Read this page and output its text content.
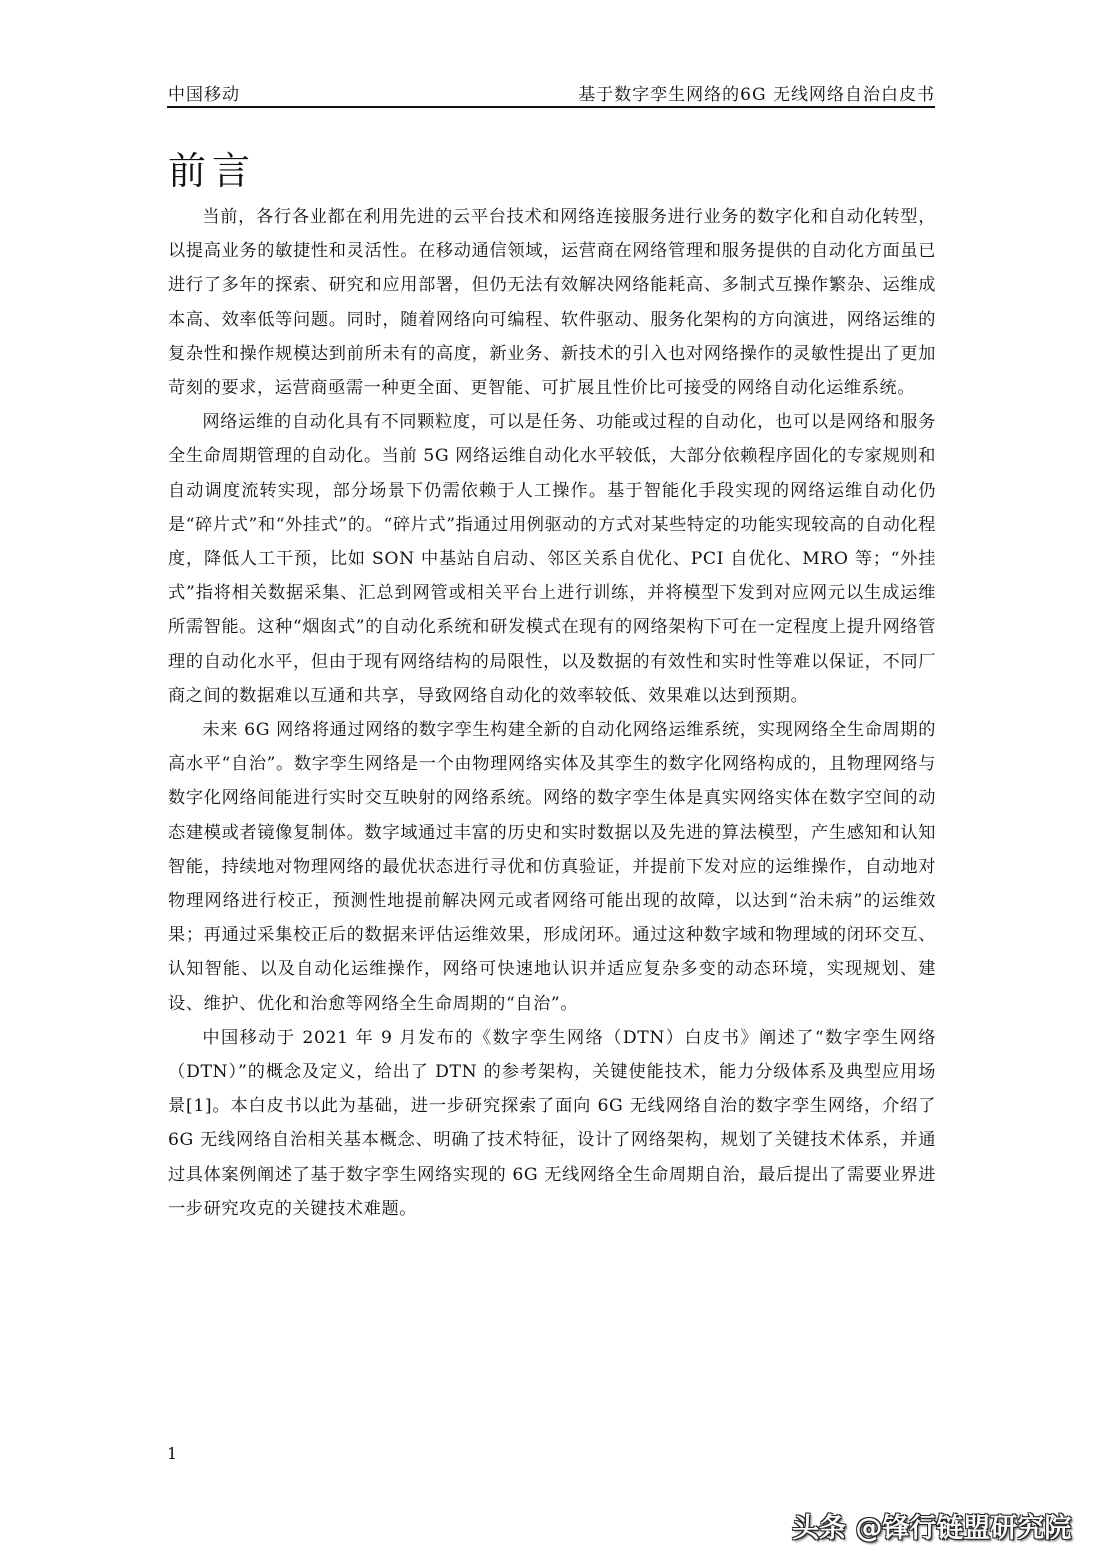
中国移动	基于数字孪生网络的6G 无线网络自治白皮书
前言

当前，各行各业都在利用先进的云平台技术和网络连接服务进行业务的数字化和自动化转型，以提高业务的敏捷性和灵活性。在移动通信领域，运营商在网络管理和服务提供的自动化方面虽已进行了多年的探索、研究和应用部署，但仍无法有效解决网络能耗高、多制式互操作繁杂、运维成本高、效率低等问题。同时，随着网络向可编程、软件驱动、服务化架构的方向演进，网络运维的复杂性和操作规模达到前所未有的高度，新业务、新技术的引入也对网络操作的灵敏性提出了更加苛刻的要求，运营商亟需一种更全面、更智能、可扩展且性价比可接受的网络自动化运维系统。

网络运维的自动化具有不同颗粒度，可以是任务、功能或过程的自动化，也可以是网络和服务全生命周期管理的自动化。当前 5G 网络运维自动化水平较低，大部分依赖程序固化的专家规则和自动调度流转实现，部分场景下仍需依赖于人工操作。基于智能化手段实现的网络运维自动化仍是“碎片式”和“外挂式”的。“碎片式”指通过用例驱动的方式对某些特定的功能实现较高的自动化程度，降低人工干预，比如 SON 中基站自启动、邻区关系自优化、PCI 自优化、MRO 等；“外挂式”指将相关数据采集、汇总到网管或相关平台上进行训练，并将模型下发到对应网元以生成运维所需智能。这种“烟囱式”的自动化系统和研发模式在现有的网络架构下可在一定程度上提升网络管理的自动化水平，但由于现有网络结构的局限性，以及数据的有效性和实时性等难以保证，不同厂商之间的数据难以互通和共享，导致网络自动化的效率较低、效果难以达到预期。

未来 6G 网络将通过网络的数字孪生构建全新的自动化网络运维系统，实现网络全生命周期的高水平“自治”。数字孪生网络是一个由物理网络实体及其孪生的数字化网络构成的，且物理网络与数字化网络间能进行实时交互映射的网络系统。网络的数字孪生体是真实网络实体在数字空间的动态建模或者镜像复制体。数字域通过丰富的历史和实时数据以及先进的算法模型，产生感知和认知智能，持续地对物理网络的最优状态进行寻优和仿真验证，并提前下发对应的运维操作，自动地对物理网络进行校正，预测性地提前解决网元或者网络可能出现的故障，以达到“治未病”的运维效果；再通过采集校正后的数据来评估运维效果，形成闭环。通过这种数字域和物理域的闭环交互、认知智能、以及自动化运维操作，网络可快速地认识并适应复杂多变的动态环境，实现规划、建设、维护、优化和治愈等网络全生命周期的“自治”。

中国移动于 2021 年 9 月发布的《数字孪生网络（DTN）白皮书》阐述了“数字孪生网络（DTN）”的概念及定义，给出了 DTN 的参考架构，关键使能技术，能力分级体系及典型应用场景[1]。本白皮书以此为基础，进一步研究探索了面向 6G 无线网络自治的数字孪生网络，介绍了 6G 无线网络自治相关基本概念、明确了技术特征，设计了网络架构，规划了关键技术体系，并通过具体案例阐述了基于数字孪生网络实现的 6G 无线网络全生命周期自治，最后提出了需要业界进一步研究攻克的关键技术难题。

1
头条 @锋行链盟研究院
